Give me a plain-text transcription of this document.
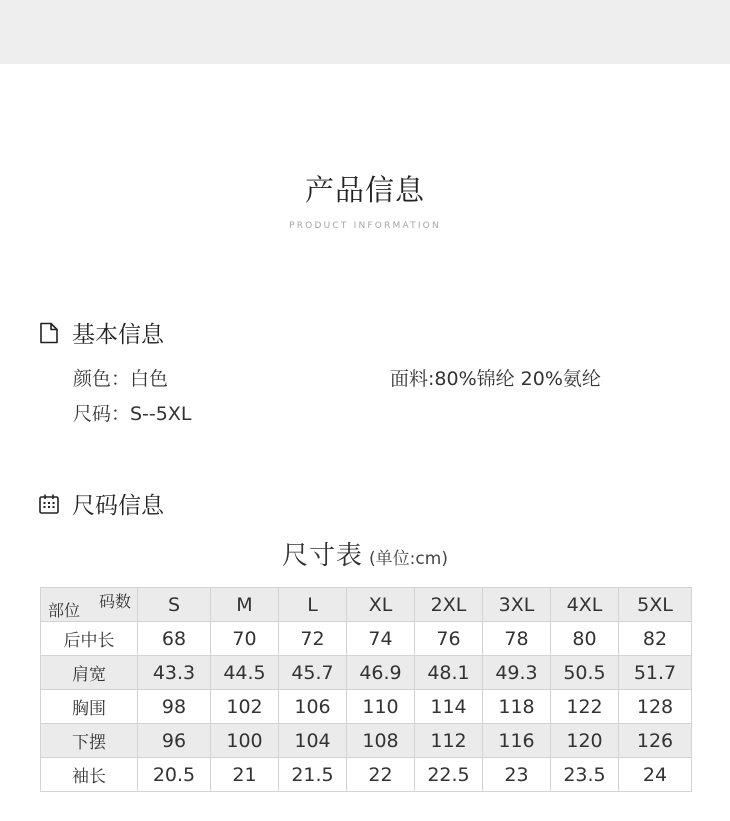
产品信息
PRODUCT INFORMATION
基本信息
颜色：白色	面料:80%锦纶 20%氨纶
尺码：S--5XL
尺码信息
尺寸表 (单位:cm)
码数
部位	S	M	L	XL	2XL	3XL	4XL	5XL
后中长	68	70	72	74	76	78	80	82
肩宽	43.3	44.5	45.7	46.9	48.1	49.3	50.5	51.7
胸围	98	102	106	110	114	118	122	128
下摆	96	100	104	108	112	116	120	126
袖长	20.5	21	21.5	22	22.5	23	23.5	24
